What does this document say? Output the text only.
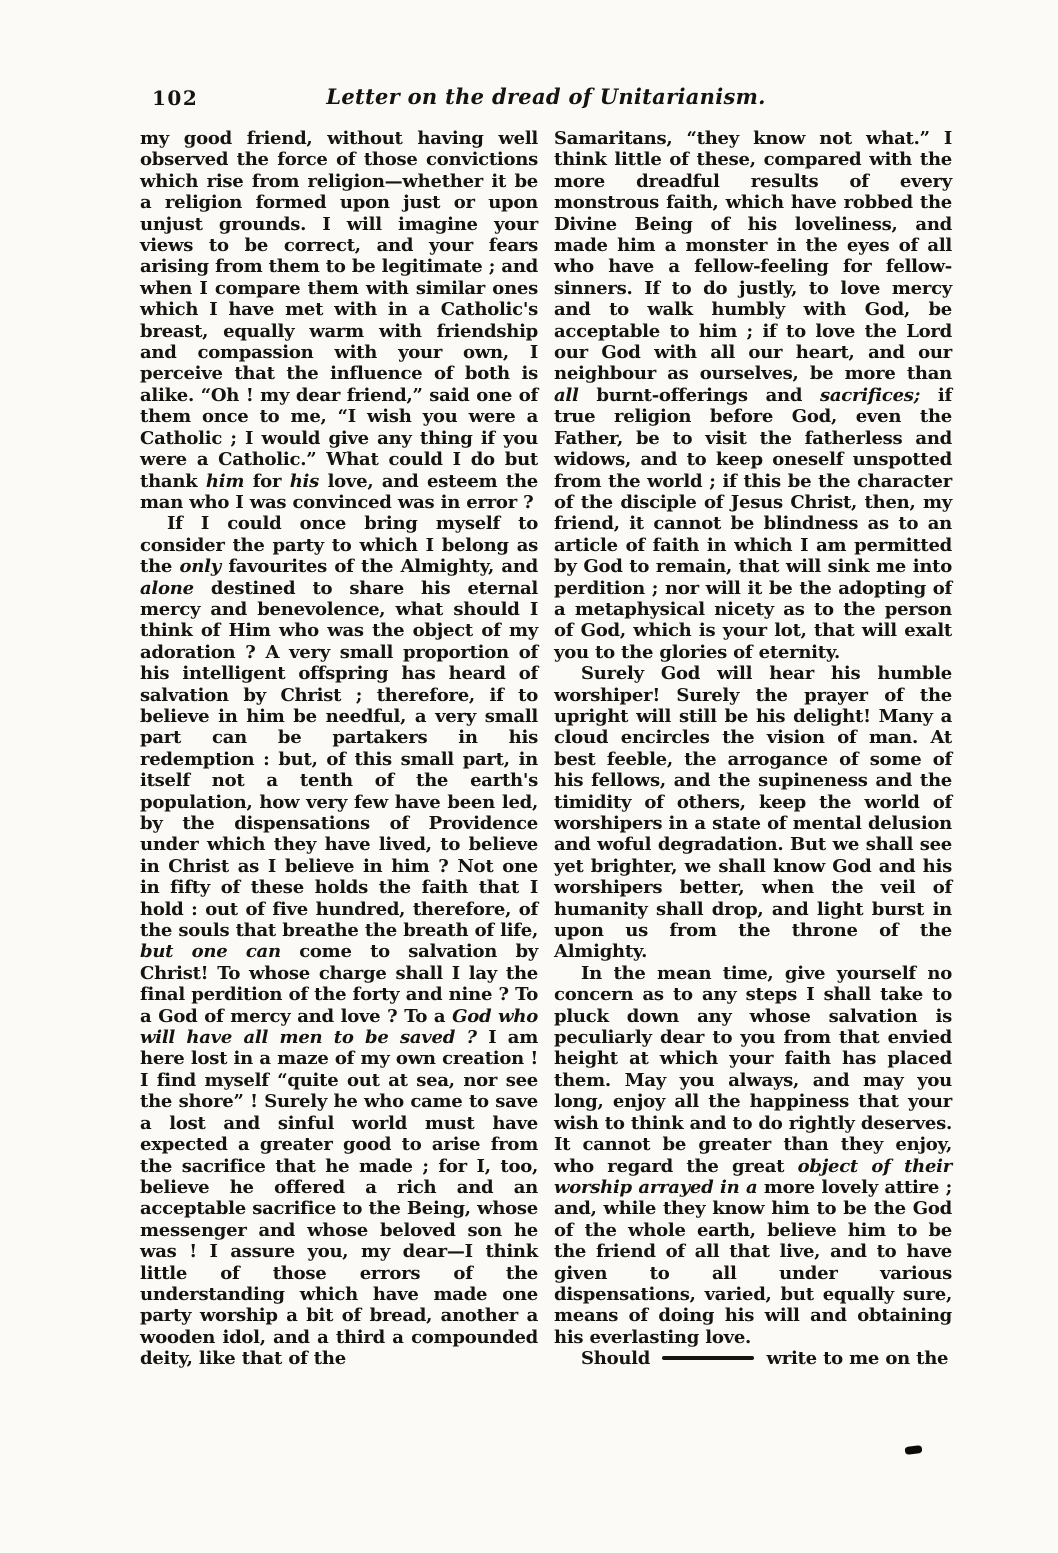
102	Letter on the dread of Unitarianism.

my good friend, without having well observed the force of those convictions which rise from religion—whether it be a religion formed upon just or upon unjust grounds. I will imagine your views to be correct, and your fears arising from them to be legitimate ; and when I compare them with similar ones which I have met with in a Catholic's breast, equally warm with friendship and compassion with your own, I perceive that the influence of both is alike. “Oh ! my dear friend,” said one of them once to me, “I wish you were a Catholic ; I would give any thing if you were a Catholic.” What could I do but thank him for his love, and esteem the man who I was convinced was in error ?

If I could once bring myself to consider the party to which I belong as the only favourites of the Almighty, and alone destined to share his eternal mercy and benevolence, what should I think of Him who was the object of my adoration ? A very small proportion of his intelligent offspring has heard of salvation by Christ ; therefore, if to believe in him be needful, a very small part can be partakers in his redemption : but, of this small part, in itself not a tenth of the earth's population, how very few have been led, by the dispensations of Providence under which they have lived, to believe in Christ as I believe in him ? Not one in fifty of these holds the faith that I hold : out of five hundred, therefore, of the souls that breathe the breath of life, but one can come to salvation by Christ! To whose charge shall I lay the final perdition of the forty and nine ? To a God of mercy and love ? To a God who will have all men to be saved ? I am here lost in a maze of my own creation ! I find myself “quite out at sea, nor see the shore” ! Surely he who came to save a lost and sinful world must have expected a greater good to arise from the sacrifice that he made ; for I, too, believe he offered a rich and an acceptable sacrifice to the Being, whose messenger and whose beloved son he was ! I assure you, my dear—I think little of those errors of the understanding which have made one party worship a bit of bread, another a wooden idol, and a third a compounded deity, like that of the

Samaritans, “they know not what.” I think little of these, compared with the more dreadful results of every monstrous faith, which have robbed the Divine Being of his loveliness, and made him a monster in the eyes of all who have a fellow-feeling for fellow-sinners. If to do justly, to love mercy and to walk humbly with God, be acceptable to him ; if to love the Lord our God with all our heart, and our neighbour as ourselves, be more than all burnt-offerings and sacrifices; if true religion before God, even the Father, be to visit the fatherless and widows, and to keep oneself unspotted from the world ; if this be the character of the disciple of Jesus Christ, then, my friend, it cannot be blindness as to an article of faith in which I am permitted by God to remain, that will sink me into perdition ; nor will it be the adopting of a metaphysical nicety as to the person of God, which is your lot, that will exalt you to the glories of eternity.

Surely God will hear his humble worshiper! Surely the prayer of the upright will still be his delight! Many a cloud encircles the vision of man. At best feeble, the arrogance of some of his fellows, and the supineness and the timidity of others, keep the world of worshipers in a state of mental delusion and woful degradation. But we shall see yet brighter, we shall know God and his worshipers better, when the veil of humanity shall drop, and light burst in upon us from the throne of the Almighty.

In the mean time, give yourself no concern as to any steps I shall take to pluck down any whose salvation is peculiarly dear to you from that envied height at which your faith has placed them. May you always, and may you long, enjoy all the happiness that your wish to think and to do rightly deserves. It cannot be greater than they enjoy, who regard the great object of their worship arrayed in a more lovely attire ; and, while they know him to be the God of the whole earth, believe him to be the friend of all that live, and to have given to all under various dispensations, varied, but equally sure, means of doing his will and obtaining his everlasting love.

Should	write to me on the
